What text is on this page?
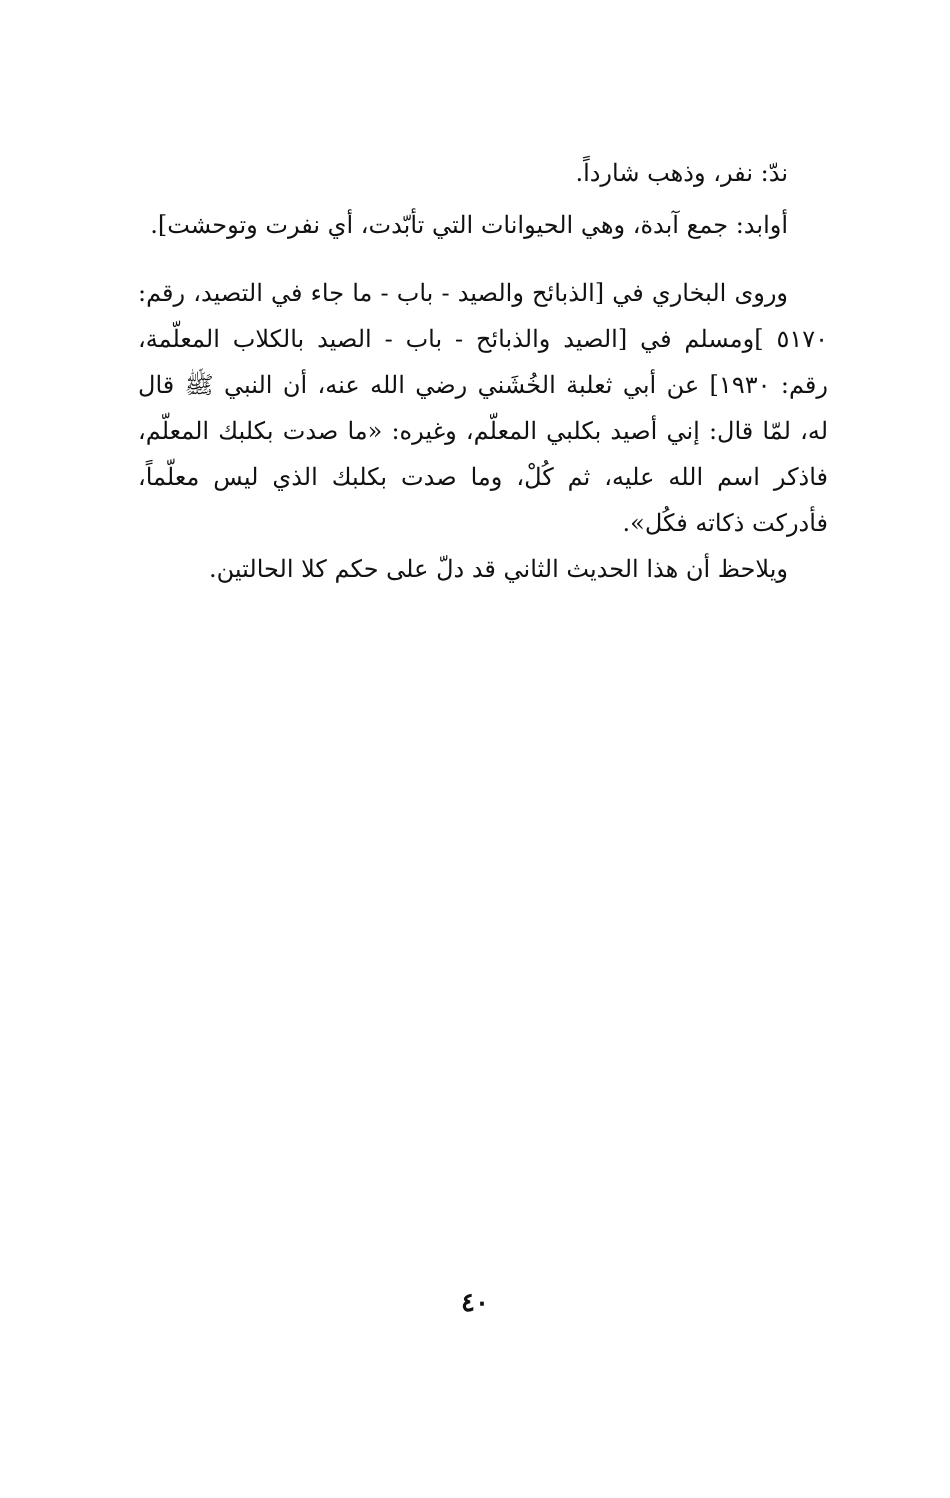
ندّ: نفر، وذهب شارداً.

أوابد: جمع آبدة، وهي الحيوانات التي تأبّدت، أي نفرت وتوحشت].

وروى البخاري في [الذبائح والصيد - باب - ما جاء في التصيد، رقم: ٥١٧٠ ]ومسلم في [الصيد والذبائح - باب - الصيد بالكلاب المعلّمة، رقم: ١٩٣٠] عن أبي ثعلبة الخُشَني رضي الله عنه، أن النبي ﷺ قال له، لمّا قال: إني أصيد بكلبي المعلّم، وغيره: «ما صدت بكلبك المعلّم، فاذكر اسم الله عليه، ثم كُلْ، وما صدت بكلبك الذي ليس معلّماً، فأدركت ذكاته فكُل».

ويلاحظ أن هذا الحديث الثاني قد دلّ على حكم كلا الحالتين.

٤٠
